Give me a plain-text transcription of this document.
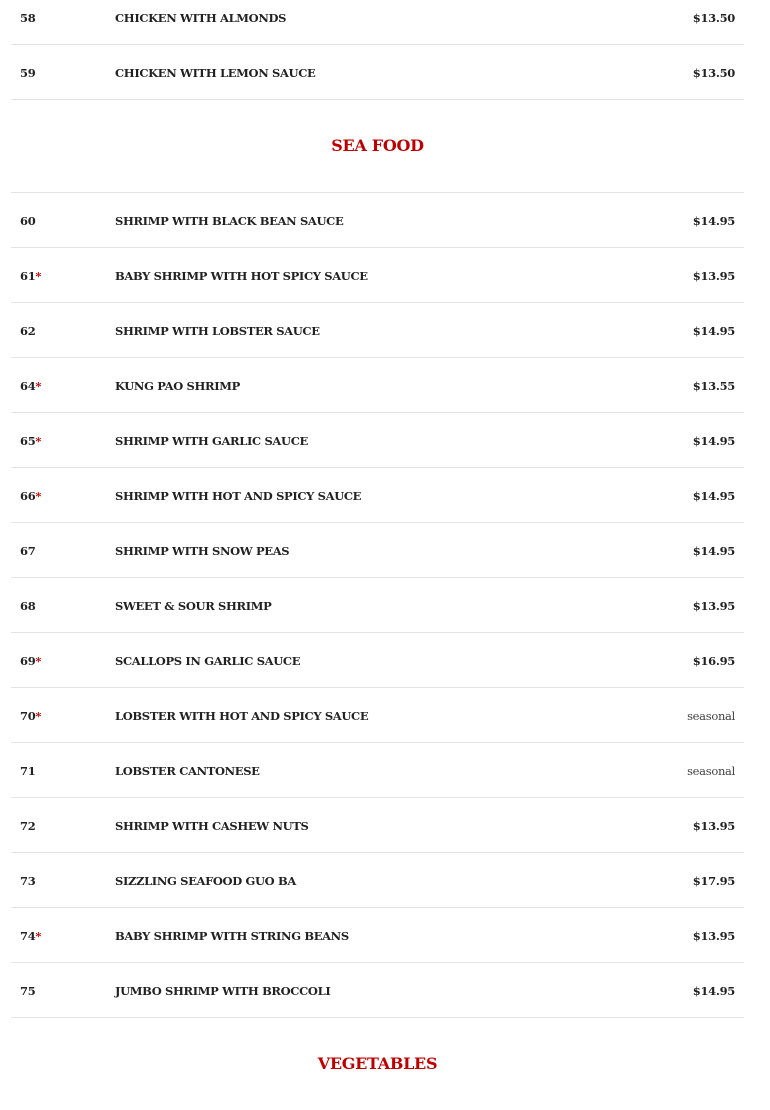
58	CHICKEN WITH ALMONDS	$13.50
59	CHICKEN WITH LEMON SAUCE	$13.50
SEA FOOD
60	SHRIMP WITH BLACK BEAN SAUCE	$14.95
61*	BABY SHRIMP WITH HOT SPICY SAUCE	$13.95
62	SHRIMP WITH LOBSTER SAUCE	$14.95
64*	KUNG PAO SHRIMP	$13.55
65*	SHRIMP WITH GARLIC SAUCE	$14.95
66*	SHRIMP WITH HOT AND SPICY SAUCE	$14.95
67	SHRIMP WITH SNOW PEAS	$14.95
68	SWEET & SOUR SHRIMP	$13.95
69*	SCALLOPS IN GARLIC SAUCE	$16.95
70*	LOBSTER WITH HOT AND SPICY SAUCE	seasonal
71	LOBSTER CANTONESE	seasonal
72	SHRIMP WITH CASHEW NUTS	$13.95
73	SIZZLING SEAFOOD GUO BA	$17.95
74*	BABY SHRIMP WITH STRING BEANS	$13.95
75	JUMBO SHRIMP WITH BROCCOLI	$14.95
VEGETABLES
